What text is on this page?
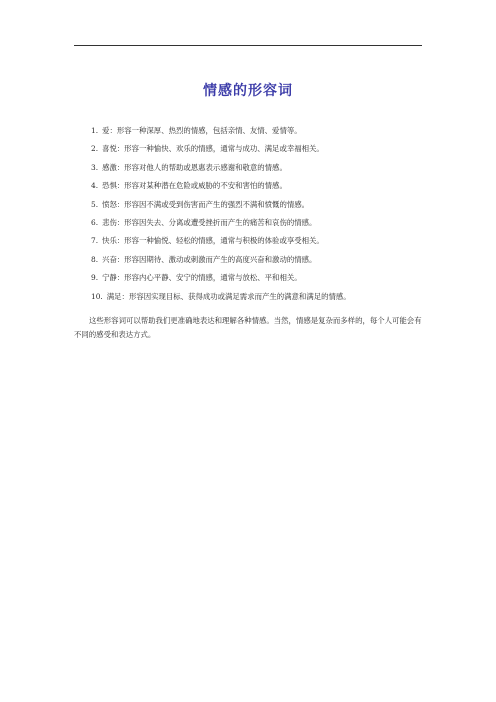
情感的形容词
1. 爱：形容一种深厚、热烈的情感，包括亲情、友情、爱情等。
2. 喜悦：形容一种愉快、欢乐的情感，通常与成功、满足或幸福相关。
3. 感激：形容对他人的帮助或恩惠表示感谢和敬意的情感。
4. 恐惧：形容对某种潜在危险或威胁的不安和害怕的情感。
5. 愤怒：形容因不满或受到伤害而产生的强烈不满和愤慨的情感。
6. 悲伤：形容因失去、分离或遭受挫折而产生的痛苦和哀伤的情感。
7. 快乐：形容一种愉悦、轻松的情感，通常与积极的体验或享受相关。
8. 兴奋：形容因期待、激动或刺激而产生的高度兴奋和激动的情感。
9. 宁静：形容内心平静、安宁的情感，通常与放松、平和相关。
10. 满足：形容因实现目标、获得成功或满足需求而产生的满意和满足的情感。

这些形容词可以帮助我们更准确地表达和理解各种情感。当然，情感是复杂而多样的，每个人可能会有不同的感受和表达方式。
